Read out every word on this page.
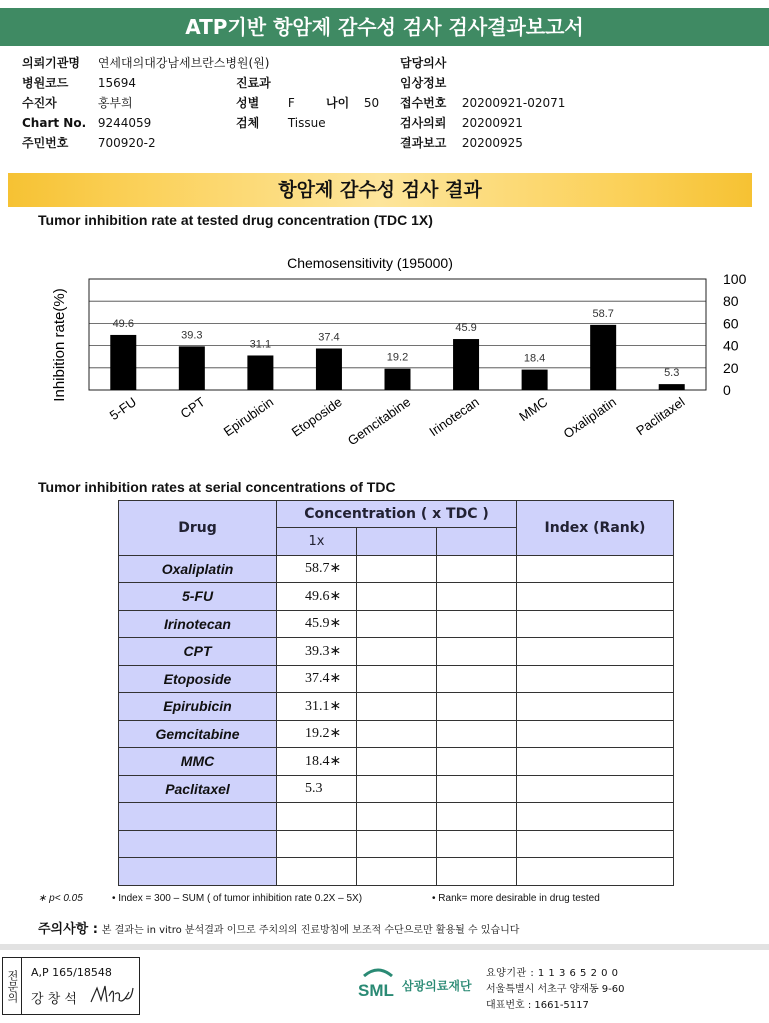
ATP기반 항암제 감수성 검사 검사결과보고서
의뢰기관명 연세대의대강남세브란스병원(원)
병원코드 15694
수진자	홍부희
Chart No. 9244059
주민번호 700920-2
진료과
성별 F	나이 50
검체 Tissue
담당의사
임상정보
접수번호 20200921-02071
검사의뢰 20200921
결과보고 20200925
항암제 감수성 검사 결과
Tumor inhibition rate at tested drug concentration (TDC 1X)
Chemosensitivity (195000)
Inhibition rate(%)	0
20
40
60
80
100
49.6
39.3
31.1
37.4
19.2
45.9
18.4
58.7
5.3
5-FU	CPT Epirubicin Etoposide Gemcitabine Irinotecan	MMC Oxaliplatin Paclitaxel
Tumor inhibition rates at serial concentrations of TDC
Drug	Concentration ( x TDC )			Index (Rank)
	1x			
Oxaliplatin	58.7∗			
5-FU	49.6∗			
Irinotecan	45.9∗			
CPT	39.3∗			
Etoposide	37.4∗			
Epirubicin	31.1∗			
Gemcitabine	19.2∗			
MMC	18.4∗			
Paclitaxel	5.3			

∗ p< 0.05	• Index = 300 – SUM ( of tumor inhibition rate 0.2X – 5X)	• Rank= more desirable in drug tested
주의사항 : 본 결과는 in vitro 분석결과 이므로 주치의의 진료방침에 보조적 수단으로만 활용될 수 있습니다
전문의 A,P 165/18548
강 창 석	SML 삼광의료재단
요양기관 : 1 1 3 6 5 2 0 0
서울특별시 서초구 양재동 9-60
대표번호 : 1661-5117
